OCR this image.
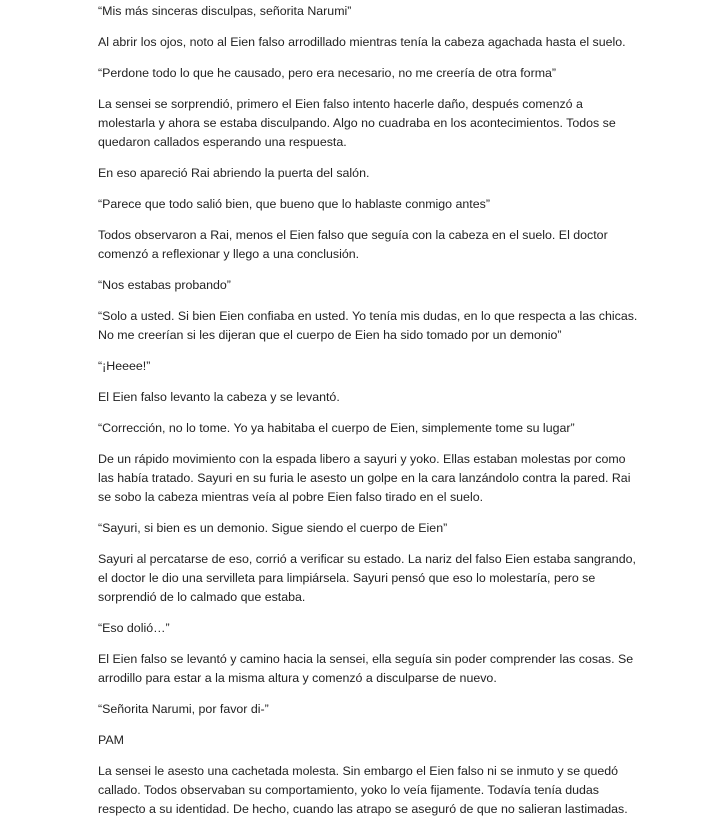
“Mis más sinceras disculpas, señorita Narumi”

Al abrir los ojos, noto al Eien falso arrodillado mientras tenía la cabeza agachada hasta el suelo.

“Perdone todo lo que he causado, pero era necesario, no me creería de otra forma”

La sensei se sorprendió, primero el Eien falso intento hacerle daño, después comenzó a molestarla y ahora se estaba disculpando. Algo no cuadraba en los acontecimientos. Todos se quedaron callados esperando una respuesta.

En eso apareció Rai abriendo la puerta del salón.

“Parece que todo salió bien, que bueno que lo hablaste conmigo antes”

Todos observaron a Rai, menos el Eien falso que seguía con la cabeza en el suelo. El doctor comenzó a reflexionar y llego a una conclusión.

“Nos estabas probando”

“Solo a usted. Si bien Eien confiaba en usted. Yo tenía mis dudas, en lo que respecta a las chicas. No me creerían si les dijeran que el cuerpo de Eien ha sido tomado por un demonio”

“¡Heeee!”

El Eien falso levanto la cabeza y se levantó.

“Corrección, no lo tome. Yo ya habitaba el cuerpo de Eien, simplemente tome su lugar”

De un rápido movimiento con la espada libero a sayuri y yoko. Ellas estaban molestas por como las había tratado. Sayuri en su furia le asesto un golpe en la cara lanzándolo contra la pared. Rai se sobo la cabeza mientras veía al pobre Eien falso tirado en el suelo.

“Sayuri, si bien es un demonio. Sigue siendo el cuerpo de Eien”

Sayuri al percatarse de eso, corrió a verificar su estado. La nariz del falso Eien estaba sangrando, el doctor le dio una servilleta para limpiársela. Sayuri pensó que eso lo molestaría, pero se sorprendió de lo calmado que estaba.

“Eso dolió…”

El Eien falso se levantó y camino hacia la sensei, ella seguía sin poder comprender las cosas. Se arrodillo para estar a la misma altura y comenzó a disculparse de nuevo.

“Señorita Narumi, por favor di-”

PAM

La sensei le asesto una cachetada molesta. Sin embargo el Eien falso ni se inmuto y se quedó callado. Todos observaban su comportamiento, yoko lo veía fijamente. Todavía tenía dudas respecto a su identidad. De hecho, cuando las atrapo se aseguró de que no salieran lastimadas.
